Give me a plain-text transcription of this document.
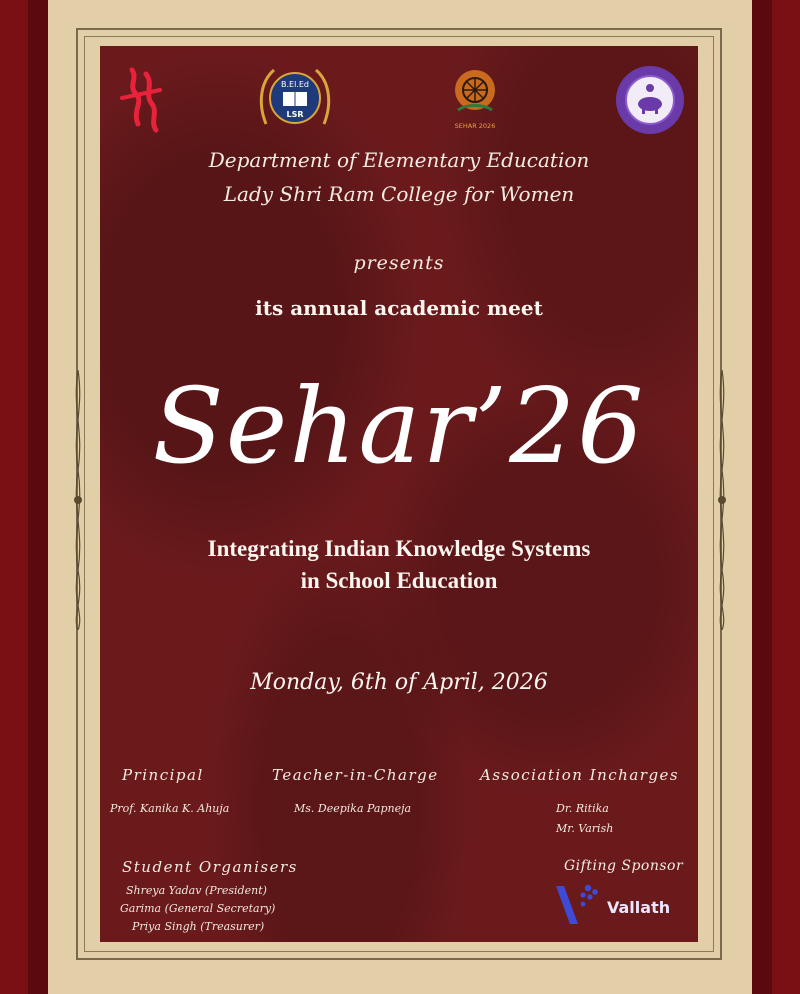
B.El.Ed
LSR
SEHAR 2026
Department of Elementary Education
Lady Shri Ram College for Women
presents
its annual academic meet
Sehar’26
Integrating Indian Knowledge Systems
in School Education
Monday, 6th of April, 2026
Principal
Prof. Kanika K. Ahuja
Teacher-in-Charge
Ms. Deepika Papneja
Association Incharges
Dr. Ritika
Mr. Varish
Student Organisers
Shreya Yadav (President)
Garima (General Secretary)
Priya Singh (Treasurer)
Gifting Sponsor
Vallath
